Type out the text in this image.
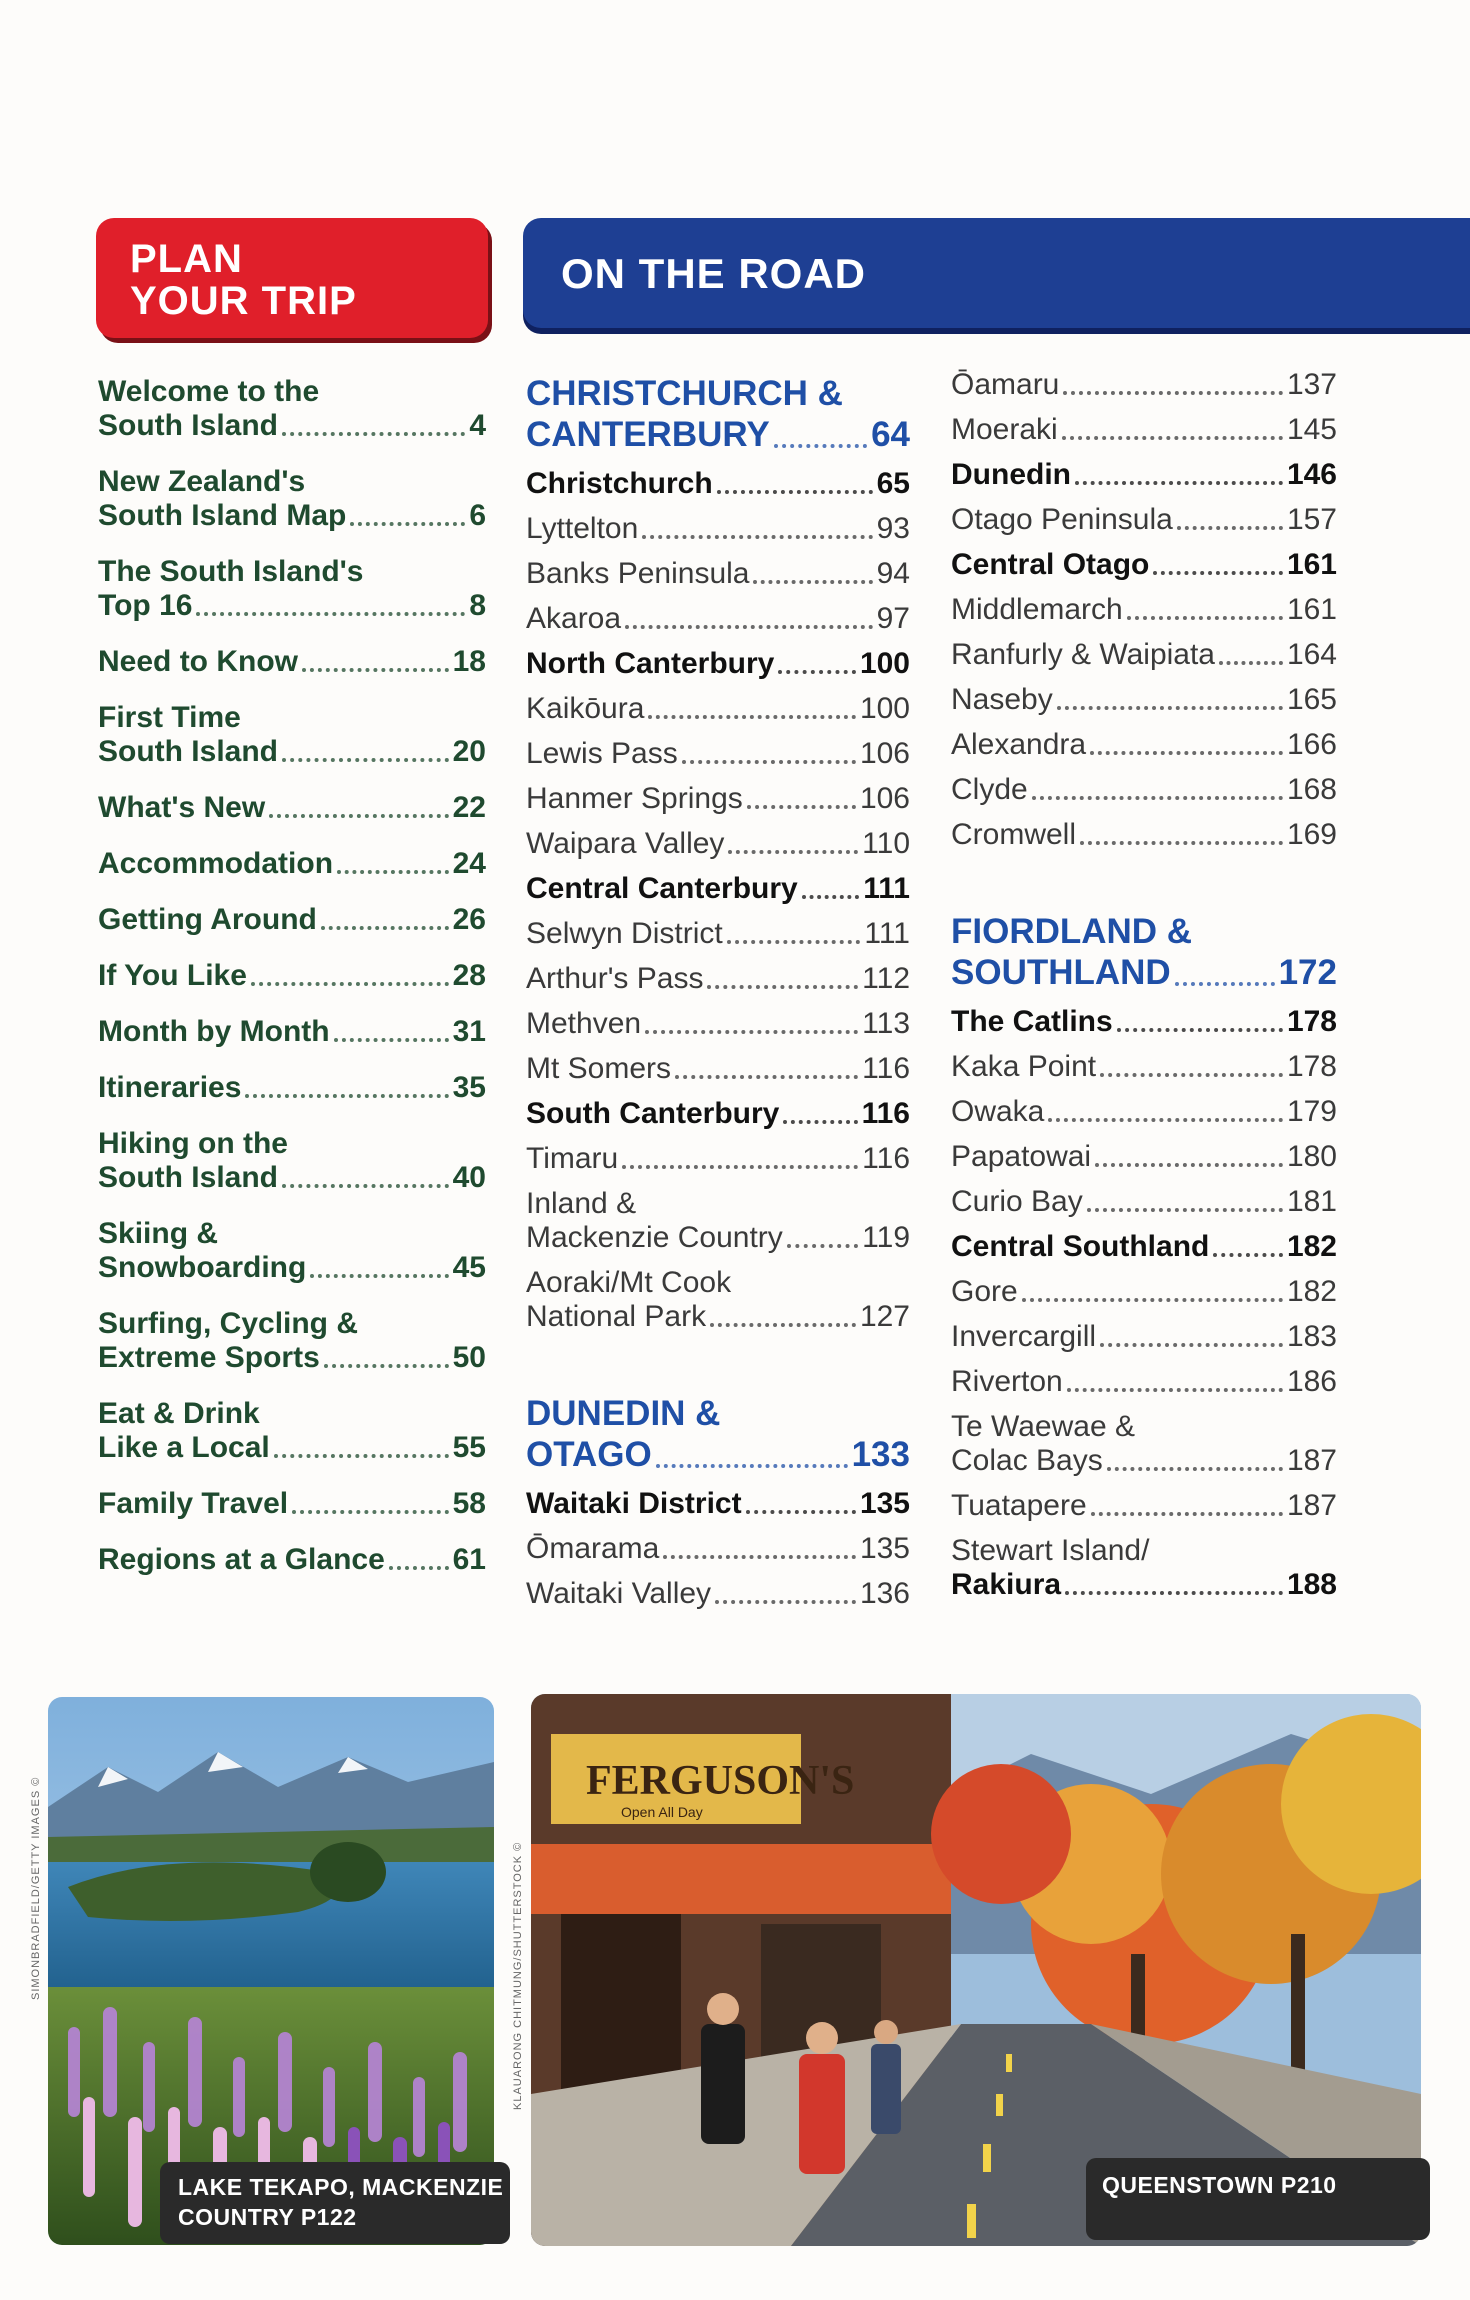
PLAN
YOUR TRIP
ON THE ROAD
Welcome to the
South Island	4
New Zealand's
South Island Map	6
The South Island's
Top 16	8
Need to Know	18
First Time
South Island	20
What's New	22
Accommodation	24
Getting Around	26
If You Like	28
Month by Month	31
Itineraries	35
Hiking on the
South Island	40
Skiing &
Snowboarding	45
Surfing, Cycling &
Extreme Sports	50
Eat & Drink
Like a Local	55
Family Travel	58
Regions at a Glance 61
CHRISTCHURCH &
CANTERBURY	64
Christchurch	65
Lyttelton	93
Banks Peninsula	94
Akaroa	97
North Canterbury	100
Kaikōura	100
Lewis Pass	106
Hanmer Springs	106
Waipara Valley	110
Central Canterbury 111
Selwyn District	111
Arthur's Pass	112
Methven	113
Mt Somers	116
South Canterbury	116
Timaru	116
Inland &
Mackenzie Country	119
Aoraki/Mt Cook
National Park	127
DUNEDIN &
OTAGO	133
Waitaki District	135
Ōmarama	135
Waitaki Valley	136
Ōamaru	137
Moeraki	145
Dunedin	146
Otago Peninsula	157
Central Otago	161
Middlemarch	161
Ranfurly & Waipiata 164
Naseby	165
Alexandra	166
Clyde	168
Cromwell	169
FIORDLAND &
SOUTHLAND	172
The Catlins	178
Kaka Point	178
Owaka	179
Papatowai	180
Curio Bay	181
Central Southland	182
Gore	182
Invercargill	183
Riverton	186
Te Waewae &
Colac Bays	187
Tuatapere	187
Stewart Island/
Rakiura	188
SIMONBRADFIELD/GETTY IMAGES ©
LAKE TEKAPO, MACKENZIE
COUNTRY P122
FERGUSON'S
Open All Day
KLAUARONG CHITMUNG/SHUTTERSTOCK ©
QUEENSTOWN P210
